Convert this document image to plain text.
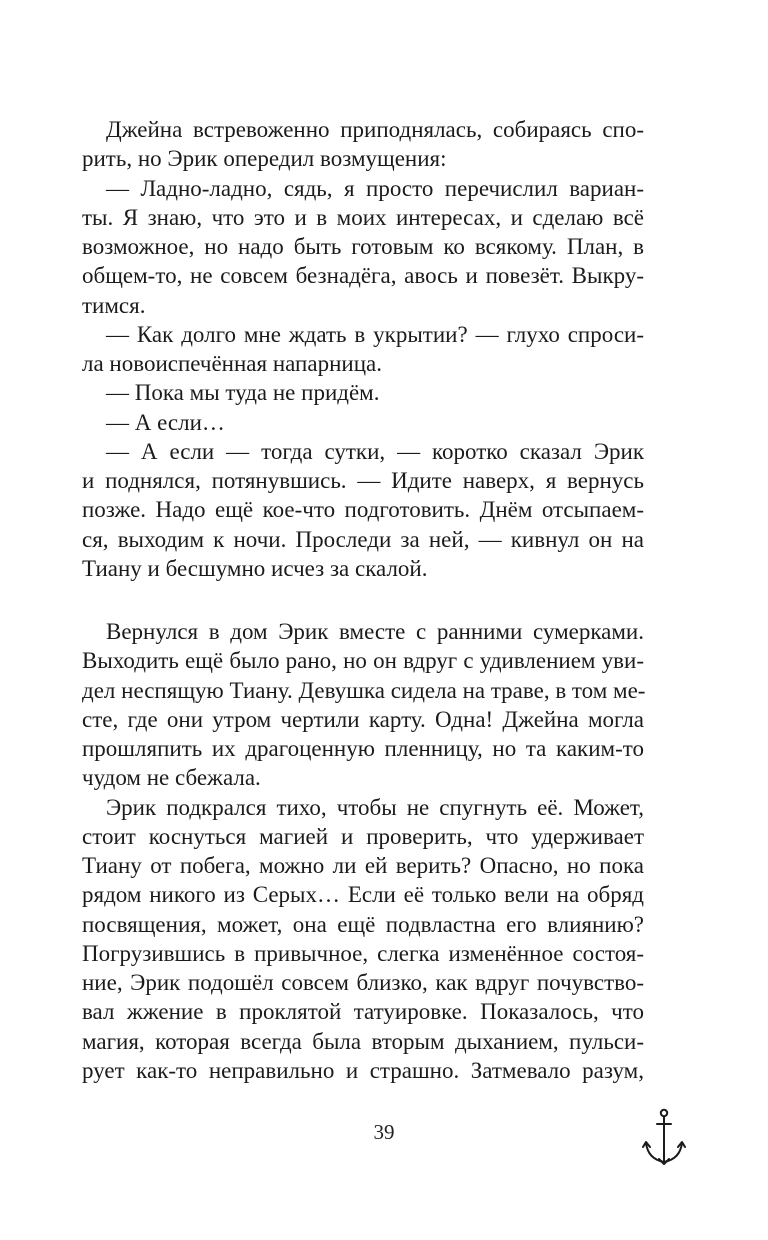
Джейна встревоженно приподнялась, собираясь спо-
рить, но Эрик опередил возмущения:
— Ладно-ладно, сядь, я просто перечислил вариан-
ты. Я знаю, что это и в моих интересах, и сделаю всё
возможное, но надо быть готовым ко всякому. План, в
общем-то, не совсем безнадёга, авось и повезёт. Выкру-
тимся.
— Как долго мне ждать в укрытии? — глухо спроси-
ла новоиспечённая напарница.
— Пока мы туда не придём.
— А если…
— А если — тогда сутки, — коротко сказал Эрик
и поднялся, потянувшись. — Идите наверх, я вернусь
позже. Надо ещё кое-что подготовить. Днём отсыпаем-
ся, выходим к ночи. Проследи за ней, — кивнул он на
Тиану и бесшумно исчез за скалой.
Вернулся в дом Эрик вместе с ранними сумерками.
Выходить ещё было рано, но он вдруг с удивлением уви-
дел неспящую Тиану. Девушка сидела на траве, в том ме-
сте, где они утром чертили карту. Одна! Джейна могла
прошляпить их драгоценную пленницу, но та каким-то
чудом не сбежала.
Эрик подкрался тихо, чтобы не спугнуть её. Может,
стоит коснуться магией и проверить, что удерживает
Тиану от побега, можно ли ей верить? Опасно, но пока
рядом никого из Серых… Если её только вели на обряд
посвящения, может, она ещё подвластна его влиянию?
Погрузившись в привычное, слегка изменённое состоя-
ние, Эрик подошёл совсем близко, как вдруг почувство-
вал жжение в проклятой татуировке. Показалось, что
магия, которая всегда была вторым дыханием, пульси-
рует как-то неправильно и страшно. Затмевало разум,
39
